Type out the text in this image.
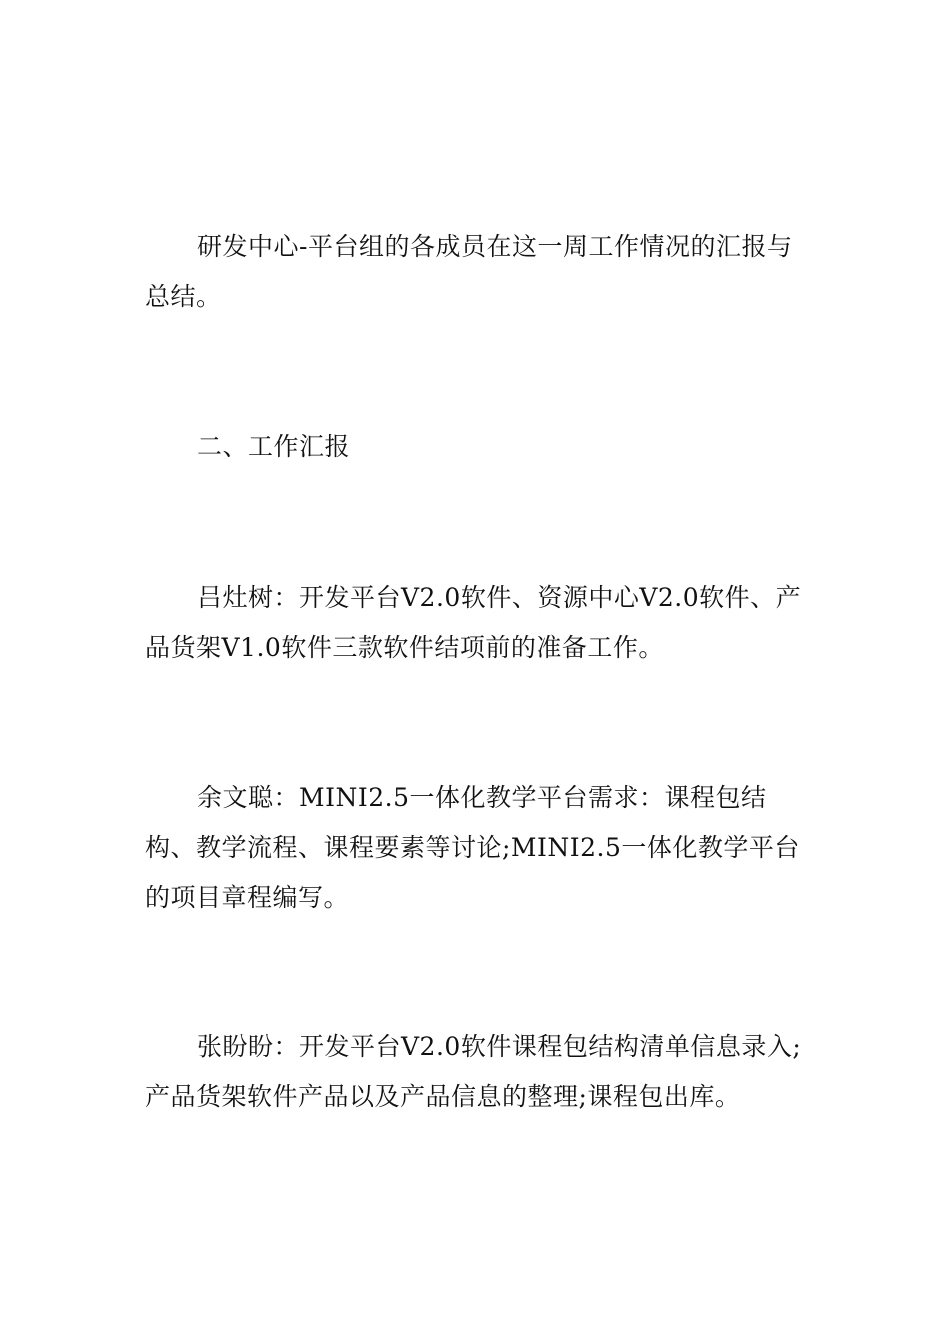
研发中心-平台组的各成员在这一周工作情况的汇报与总结。

二、工作汇报

吕灶树：开发平台V2.0软件、资源中心V2.0软件、产品货架V1.0软件三款软件结项前的准备工作。

余文聪：MINI2.5一体化教学平台需求：课程包结构、教学流程、课程要素等讨论;MINI2.5一体化教学平台的项目章程编写。

张盼盼：开发平台V2.0软件课程包结构清单信息录入;产品货架软件产品以及产品信息的整理;课程包出库。
